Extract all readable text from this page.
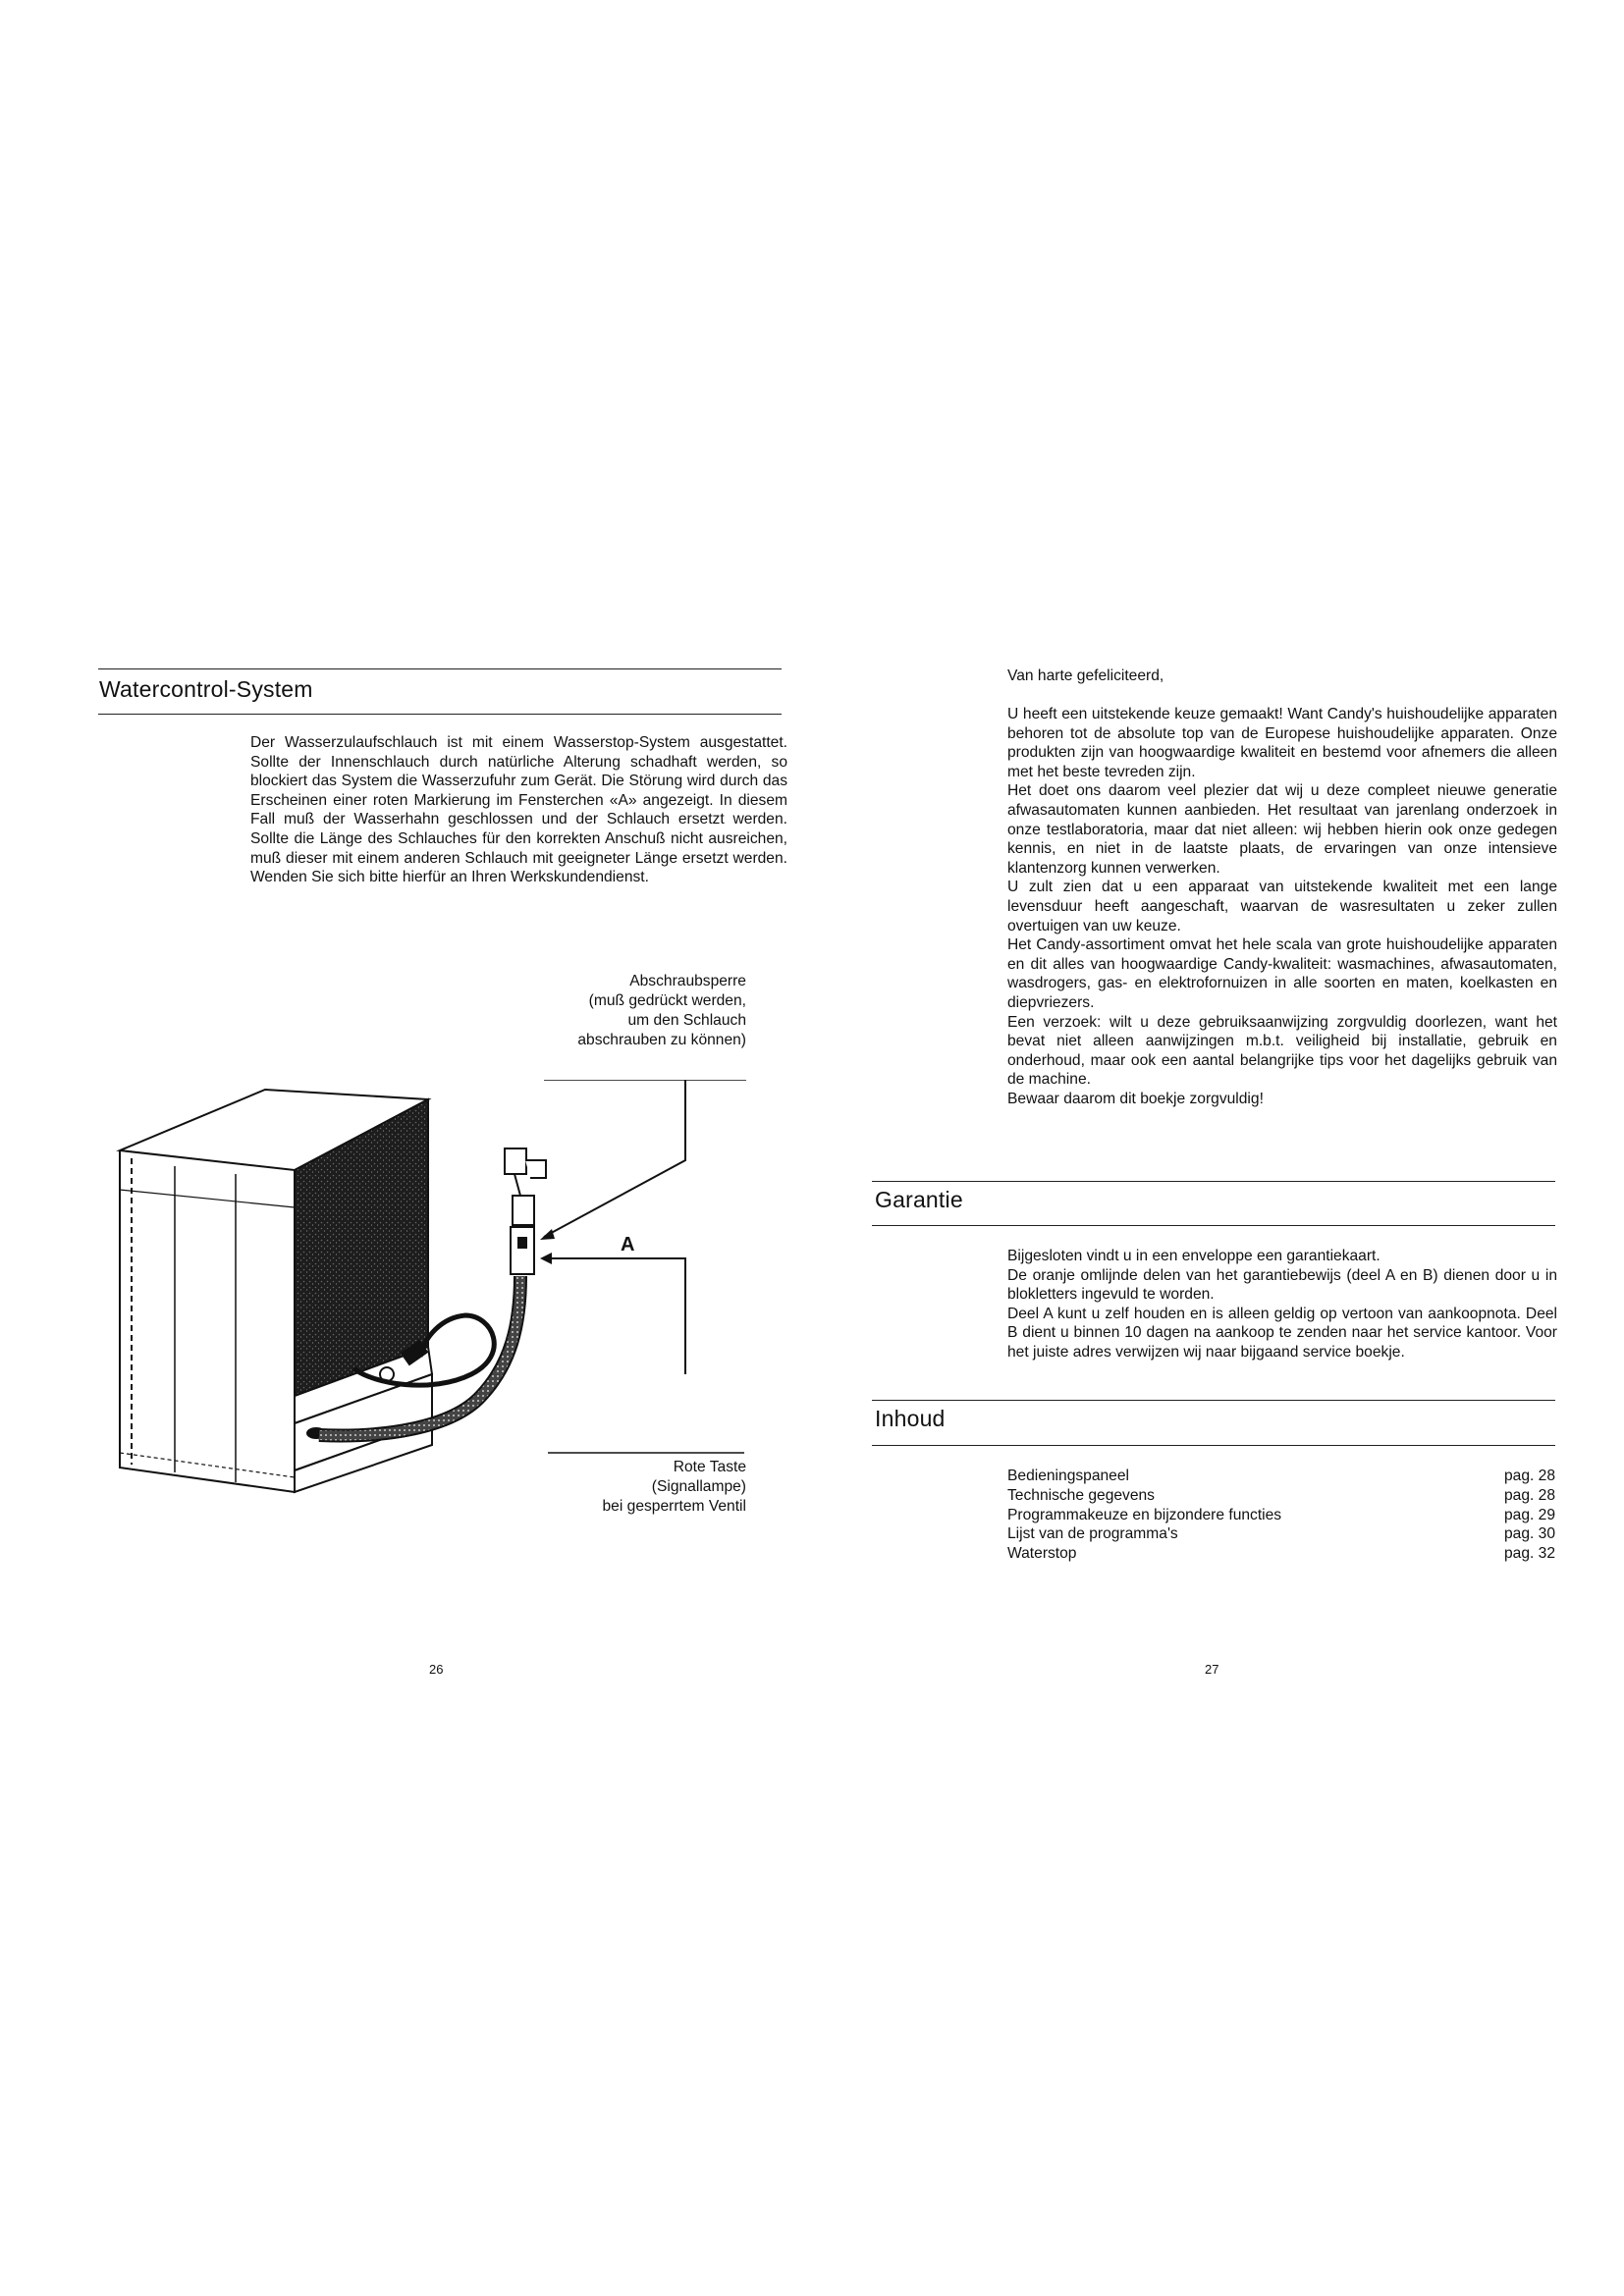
Watercontrol-System
Der Wasserzulaufschlauch ist mit einem Wasserstop-System ausgestattet. Sollte der Innenschlauch durch natürliche Alterung schadhaft werden, so blockiert das System die Wasserzufuhr zum Gerät. Die Störung wird durch das Erscheinen einer roten Markierung im Fensterchen «A» angezeigt. In diesem Fall muß der Wasserhahn geschlossen und der Schlauch ersetzt werden. Sollte die Länge des Schlauches für den korrekten Anschuß nicht ausreichen, muß dieser mit einem anderen Schlauch mit geeigneter Länge ersetzt werden. Wenden Sie sich bitte hierfür an Ihren Werkskundendienst.
Abschraubsperre
(muß gedrückt werden,
um den Schlauch
abschrauben zu können)
A
Rote Taste
(Signallampe)
bei gesperrtem Ventil
26
Van harte gefeliciteerd,

U heeft een uitstekende keuze gemaakt! Want Candy's huishoudelijke apparaten behoren tot de absolute top van de Europese huishoudelijke apparaten. Onze produkten zijn van hoogwaardige kwaliteit en bestemd voor afnemers die alleen met het beste tevreden zijn.

Het doet ons daarom veel plezier dat wij u deze compleet nieuwe generatie afwasautomaten kunnen aanbieden. Het resultaat van jarenlang onderzoek in onze testlaboratoria, maar dat niet alleen: wij hebben hierin ook onze gedegen kennis, en niet in de laatste plaats, de ervaringen van onze intensieve klantenzorg kunnen verwerken.

U zult zien dat u een apparaat van uitstekende kwaliteit met een lange levensduur heeft aangeschaft, waarvan de wasresultaten u zeker zullen overtuigen van uw keuze.

Het Candy-assortiment omvat het hele scala van grote huishoudelijke apparaten en dit alles van hoogwaardige Candy-kwaliteit: wasmachines, afwasautomaten, wasdrogers, gas- en elektrofornuizen in alle soorten en maten, koelkasten en diepvriezers.

Een verzoek: wilt u deze gebruiksaanwijzing zorgvuldig doorlezen, want het bevat niet alleen aanwijzingen m.b.t. veiligheid bij installatie, gebruik en onderhoud, maar ook een aantal belangrijke tips voor het dagelijks gebruik van de machine.

Bewaar daarom dit boekje zorgvuldig!

Garantie

Bijgesloten vindt u in een enveloppe een garantiekaart.

De oranje omlijnde delen van het garantiebewijs (deel A en B) dienen door u in blokletters ingevuld te worden.

Deel A kunt u zelf houden en is alleen geldig op vertoon van aankoopnota. Deel B dient u binnen 10 dagen na aankoop te zenden naar het service kantoor. Voor het juiste adres verwijzen wij naar bijgaand service boekje.

Inhoud
Bedieningspaneel	pag. 28
Technische gegevens	pag. 28
Programmakeuze en bijzondere functies	pag. 29
Lijst van de programma's	pag. 30
Waterstop	pag. 32
27
